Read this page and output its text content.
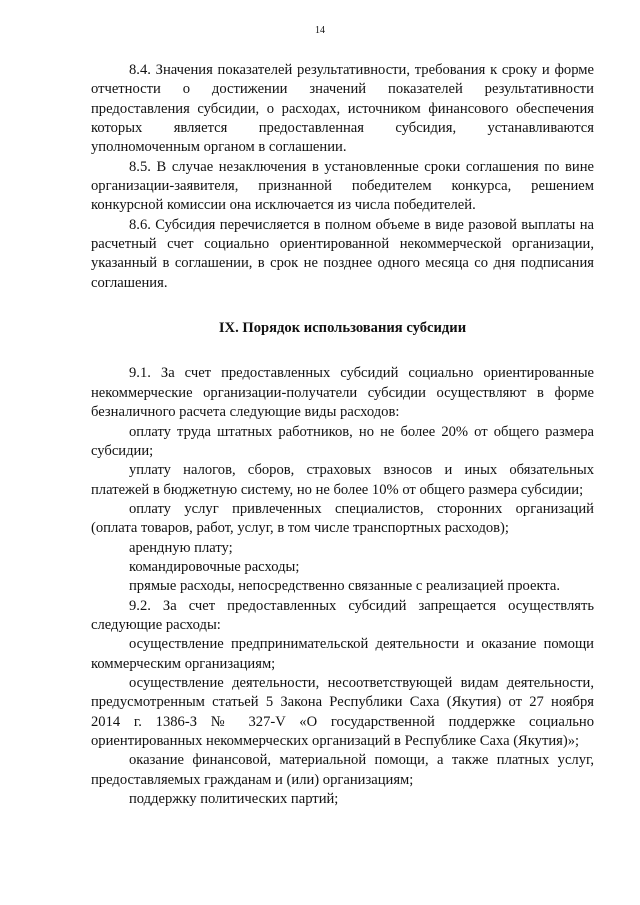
14

8.4. Значения показателей результативности, требования к сроку и форме отчетности о достижении значений показателей результативности предоставления субсидии, о расходах, источником финансового обеспечения которых является предоставленная субсидия, устанавливаются уполномоченным органом в соглашении.

8.5. В случае незаключения в установленные сроки соглашения по вине организации-заявителя, признанной победителем конкурса, решением конкурсной комиссии она исключается из числа победителей.

8.6. Субсидия перечисляется в полном объеме в виде разовой выплаты на расчетный счет социально ориентированной некоммерческой организации, указанный в соглашении, в срок не позднее одного месяца со дня подписания соглашения.

IX. Порядок использования субсидии

9.1. За счет предоставленных субсидий социально ориентированные некоммерческие организации-получатели субсидии осуществляют в форме безналичного расчета следующие виды расходов:

оплату труда штатных работников, но не более 20% от общего размера субсидии;

уплату налогов, сборов, страховых взносов и иных обязательных платежей в бюджетную систему, но не более 10% от общего размера субсидии;

оплату услуг привлеченных специалистов, сторонних организаций (оплата товаров, работ, услуг, в том числе транспортных расходов);

арендную плату;

командировочные расходы;

прямые расходы, непосредственно связанные с реализацией проекта.

9.2. За счет предоставленных субсидий запрещается осуществлять следующие расходы:

осуществление предпринимательской деятельности и оказание помощи коммерческим организациям;

осуществление деятельности, несоответствующей видам деятельности, предусмотренным статьей 5 Закона Республики Саха (Якутия) от 27 ноября 2014 г. 1386-З № 327-V «О государственной поддержке социально ориентированных некоммерческих организаций в Республике Саха (Якутия)»;

оказание финансовой, материальной помощи, а также платных услуг, предоставляемых гражданам и (или) организациям;

поддержку политических партий;
